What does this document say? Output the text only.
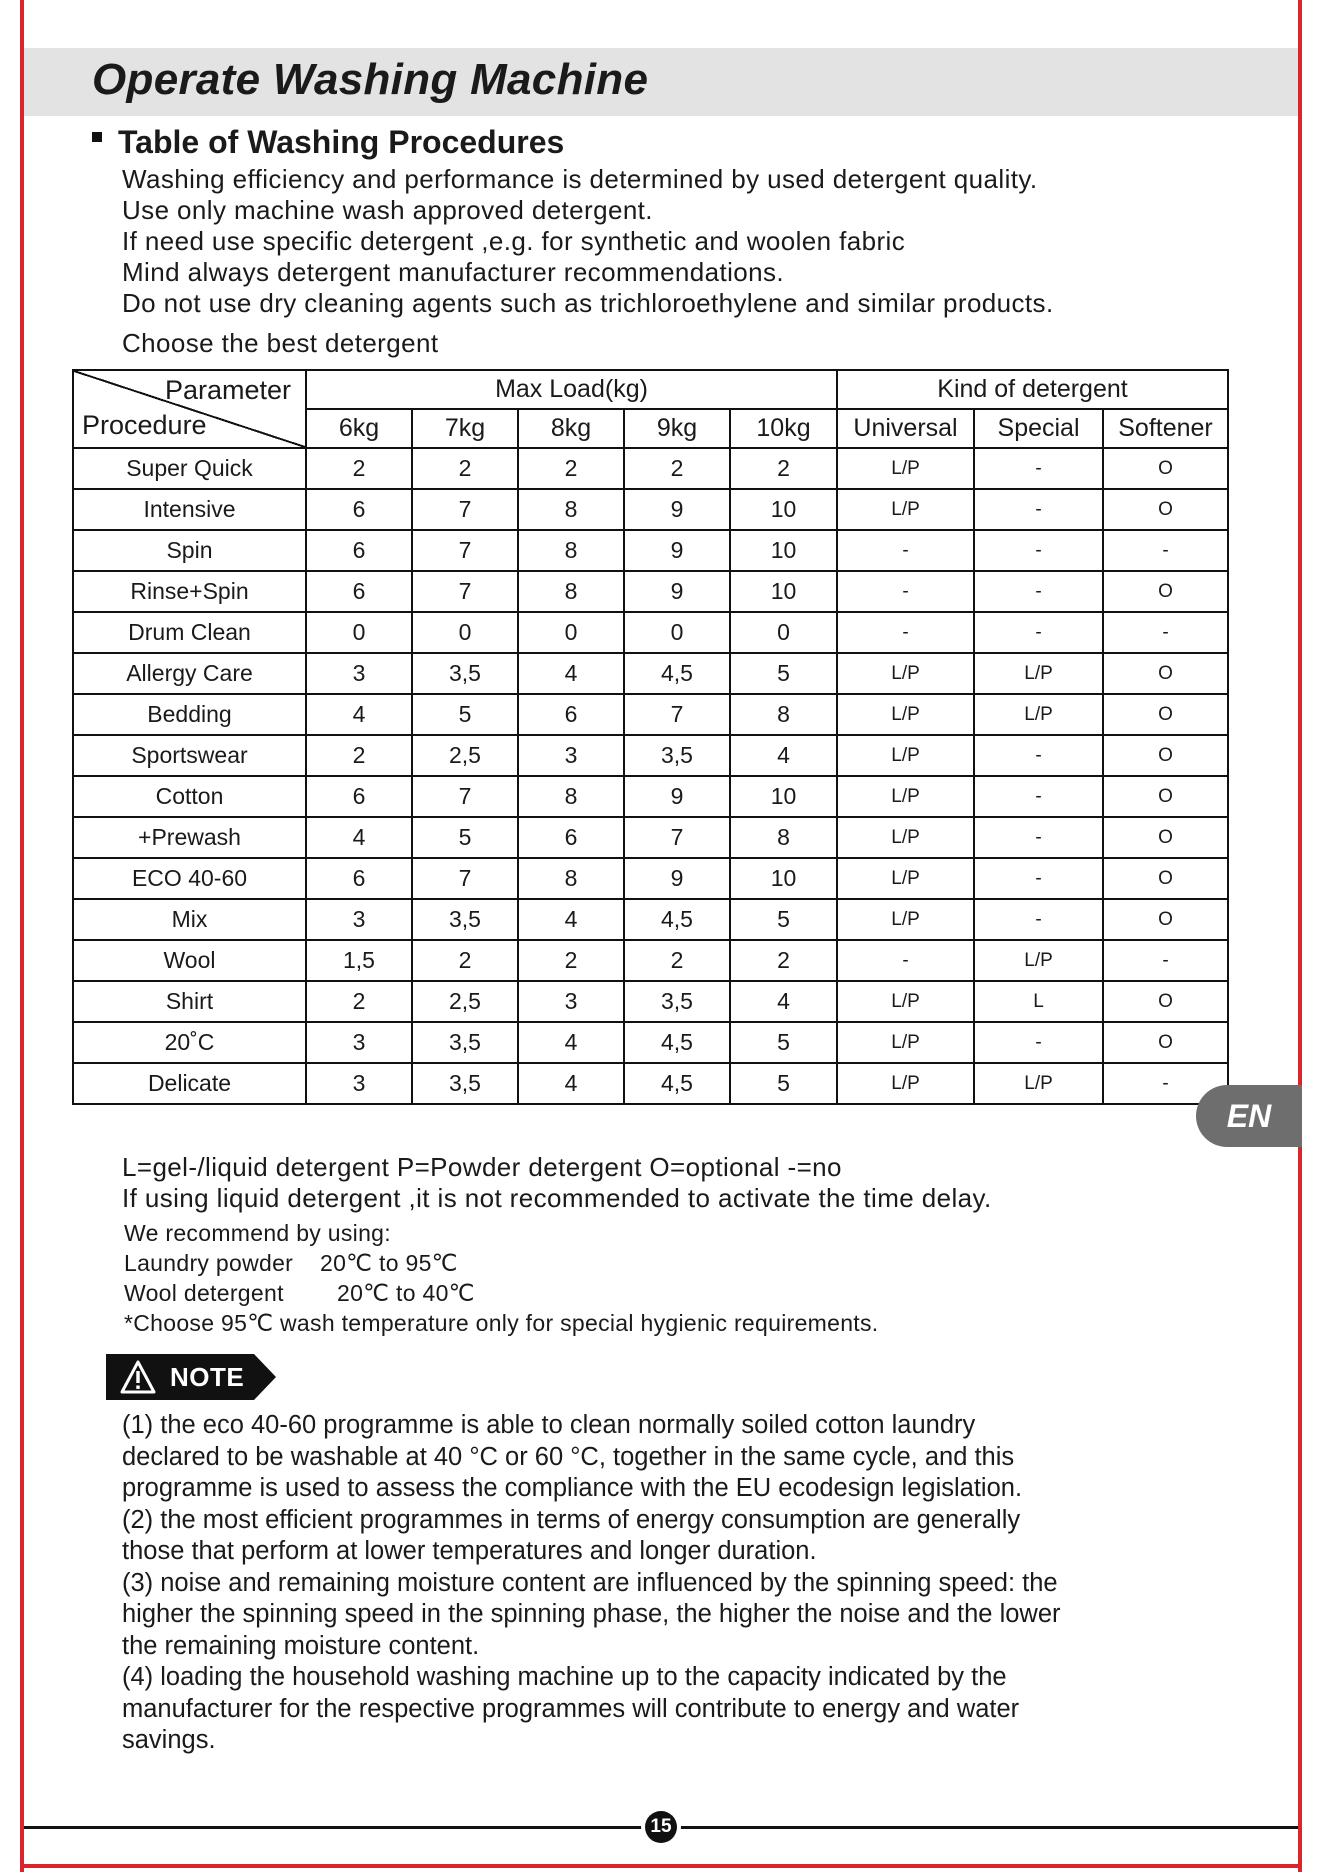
Operate Washing Machine
Table of Washing Procedures
Washing efficiency and performance is determined by used detergent quality.
Use only machine wash approved detergent.
If need use specific detergent ,e.g. for synthetic and woolen fabric
Mind always detergent manufacturer recommendations.
Do not use dry cleaning agents such as trichloroethylene and similar products.
Choose the best detergent
Parameter
Procedure	Max Load(kg)					Kind of detergent		
	6kg	7kg	8kg	9kg	10kg	Universal	Special	Softener
Super Quick	2	2	2	2	2	L/P	-	O
Intensive	6	7	8	9	10	L/P	-	O
Spin	6	7	8	9	10	-	-	-
Rinse+Spin	6	7	8	9	10	-	-	O
Drum Clean	0	0	0	0	0	-	-	-
Allergy Care	3	3,5	4	4,5	5	L/P	L/P	O
Bedding	4	5	6	7	8	L/P	L/P	O
Sportswear	2	2,5	3	3,5	4	L/P	-	O
Cotton	6	7	8	9	10	L/P	-	O
+Prewash	4	5	6	7	8	L/P	-	O
ECO 40-60	6	7	8	9	10	L/P	-	O
Mix	3	3,5	4	4,5	5	L/P	-	O
Wool	1,5	2	2	2	2	-	L/P	-
Shirt	2	2,5	3	3,5	4	L/P	L	O
20˚C	3	3,5	4	4,5	5	L/P	-	O
Delicate	3	3,5	4	4,5	5	L/P	L/P	-
EN
L=gel-/liquid detergent P=Powder detergent O=optional -=no
If using liquid detergent ,it is not recommended to activate the time delay.
We recommend by using:
Laundry powder 20℃ to 95℃
Wool detergent 20℃ to 40℃
*Choose 95℃ wash temperature only for special hygienic requirements.
NOTE
(1) the eco 40-60 programme is able to clean normally soiled cotton laundry
declared to be washable at 40 °C or 60 °C, together in the same cycle, and this
programme is used to assess the compliance with the EU ecodesign legislation.
(2) the most efficient programmes in terms of energy consumption are generally
those that perform at lower temperatures and longer duration.
(3) noise and remaining moisture content are influenced by the spinning speed: the
higher the spinning speed in the spinning phase, the higher the noise and the lower
the remaining moisture content.
(4) loading the household washing machine up to the capacity indicated by the
manufacturer for the respective programmes will contribute to energy and water
savings.
15
